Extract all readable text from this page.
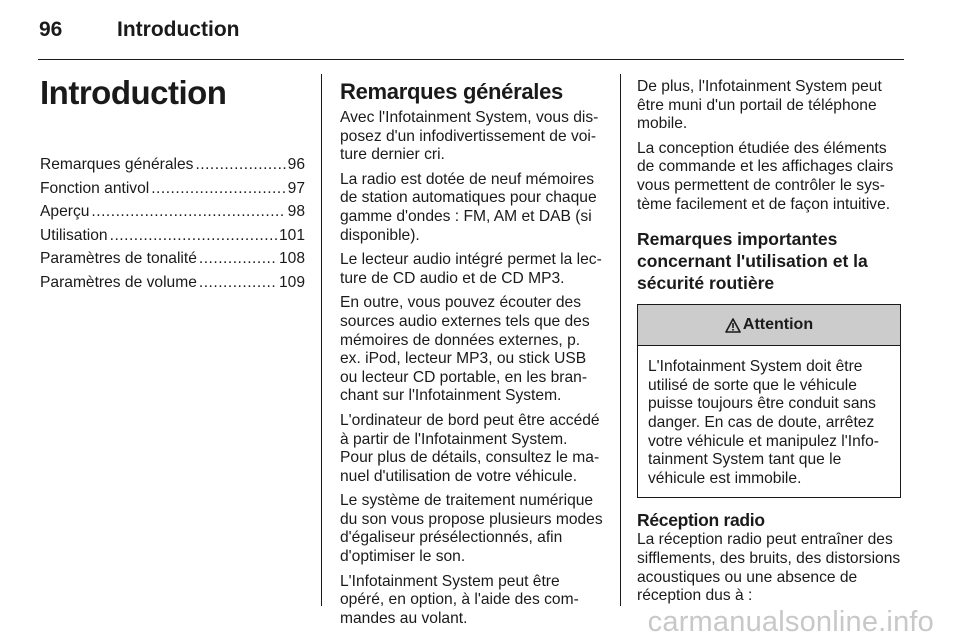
96	Introduction
Introduction
Remarques générales .....	96
Fonction antivol .....	97
Aperçu .....	98
Utilisation .....	101
Paramètres de tonalité .....	108
Paramètres de volume .....	109
Remarques générales

Avec l'Infotainment System, vous disposez d'un infodivertissement de voiture dernier cri.

La radio est dotée de neuf mémoires de station automatiques pour chaque gamme d'ondes : FM, AM et DAB (si disponible).

Le lecteur audio intégré permet la lecture de CD audio et de CD MP3.

En outre, vous pouvez écouter des sources audio externes tels que des mémoires de données externes, p. ex. iPod, lecteur MP3, ou stick USB ou lecteur CD portable, en les branchant sur l'Infotainment System.

L'ordinateur de bord peut être accédé à partir de l'Infotainment System. Pour plus de détails, consultez le manuel d'utilisation de votre véhicule.

Le système de traitement numérique du son vous propose plusieurs modes d'égaliseur présélectionnés, afin d'optimiser le son.

L'Infotainment System peut être opéré, en option, à l'aide des commandes au volant.

De plus, l'Infotainment System peut être muni d'un portail de téléphone mobile.

La conception étudiée des éléments de commande et les affichages clairs vous permettent de contrôler le système facilement et de façon intuitive.

Remarques importantes concernant l'utilisation et la sécurité routière
Attention

L'Infotainment System doit être utilisé de sorte que le véhicule puisse toujours être conduit sans danger. En cas de doute, arrêtez votre véhicule et manipulez l'Infotainment System tant que le véhicule est immobile.

Réception radio

La réception radio peut entraîner des sifflements, des bruits, des distorsions acoustiques ou une absence de réception dus à :

carmanualsonline.info
